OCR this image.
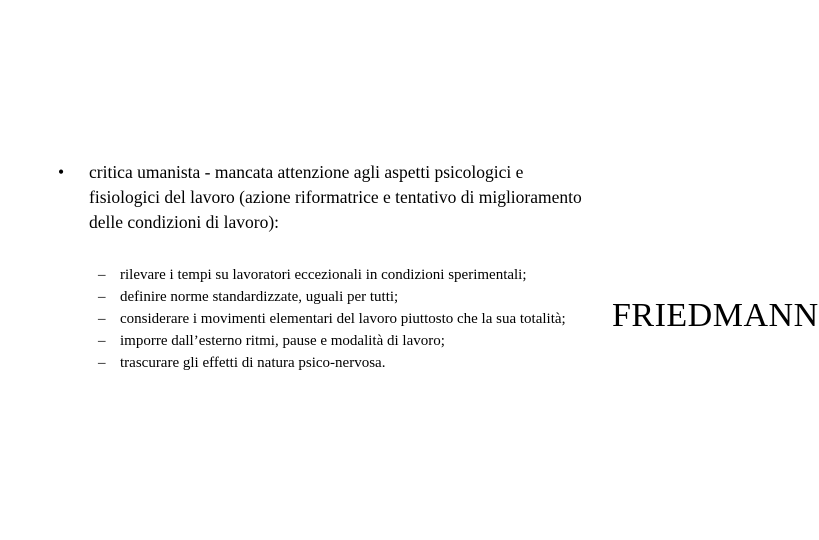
•	critica umanista - mancata attenzione agli aspetti psicologici e
fisiologici del lavoro (azione riformatrice e tentativo di miglioramento
delle condizioni di lavoro):
– rilevare i tempi su lavoratori eccezionali in condizioni sperimentali;
– definire norme standardizzate, uguali per tutti;
– considerare i movimenti elementari del lavoro piuttosto che la sua totalità;
– imporre dall’esterno ritmi, pause e modalità di lavoro;
– trascurare gli effetti di natura psico-nervosa.
FRIEDMANN
